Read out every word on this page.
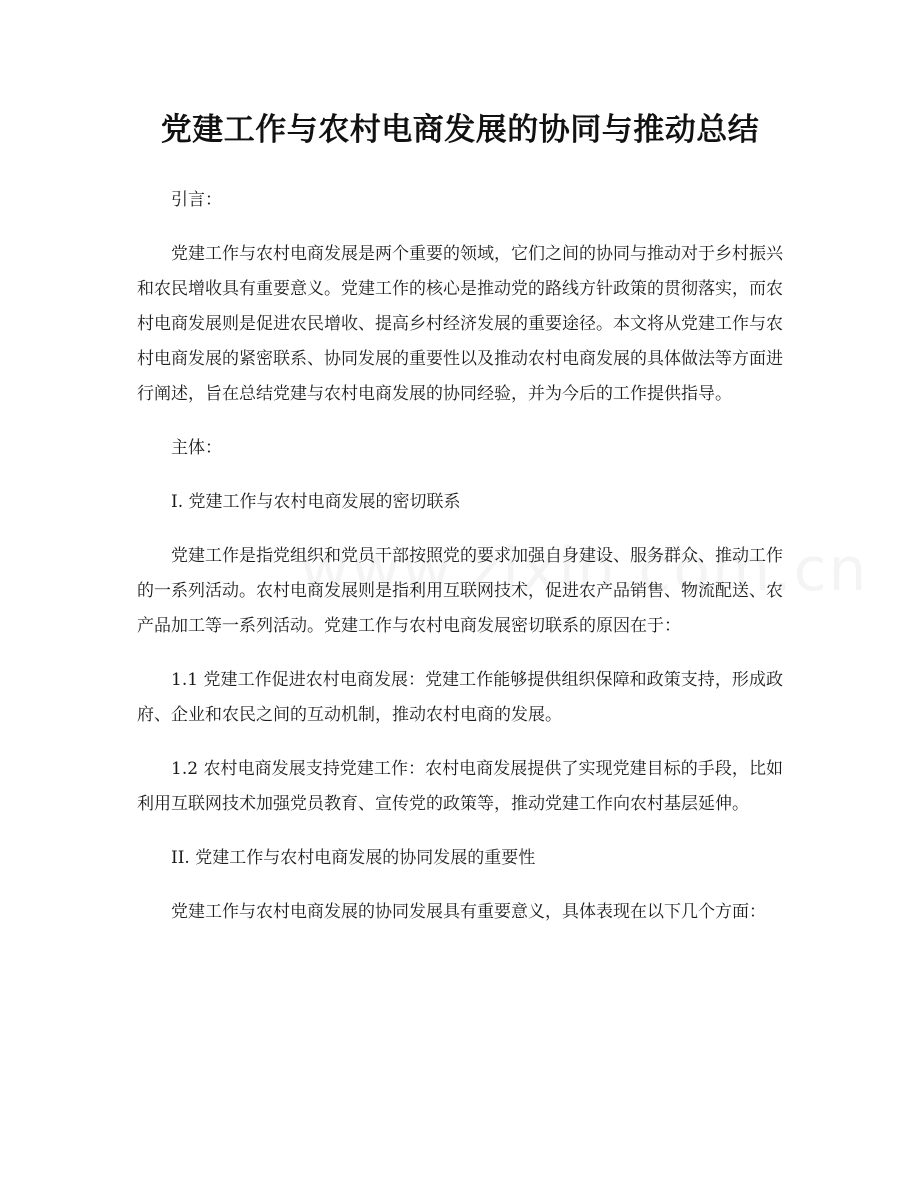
党建工作与农村电商发展的协同与推动总结

引言：

党建工作与农村电商发展是两个重要的领域，它们之间的协同与推动对于乡村振兴和农民增收具有重要意义。党建工作的核心是推动党的路线方针政策的贯彻落实，而农村电商发展则是促进农民增收、提高乡村经济发展的重要途径。本文将从党建工作与农村电商发展的紧密联系、协同发展的重要性以及推动农村电商发展的具体做法等方面进行阐述，旨在总结党建与农村电商发展的协同经验，并为今后的工作提供指导。

主体：

I. 党建工作与农村电商发展的密切联系

党建工作是指党组织和党员干部按照党的要求加强自身建设、服务群众、推动工作的一系列活动。农村电商发展则是指利用互联网技术，促进农产品销售、物流配送、农产品加工等一系列活动。党建工作与农村电商发展密切联系的原因在于：

1.1 党建工作促进农村电商发展：党建工作能够提供组织保障和政策支持，形成政府、企业和农民之间的互动机制，推动农村电商的发展。

1.2 农村电商发展支持党建工作：农村电商发展提供了实现党建目标的手段，比如利用互联网技术加强党员教育、宣传党的政策等，推动党建工作向农村基层延伸。

II. 党建工作与农村电商发展的协同发展的重要性

党建工作与农村电商发展的协同发展具有重要意义，具体表现在以下几个方面：
